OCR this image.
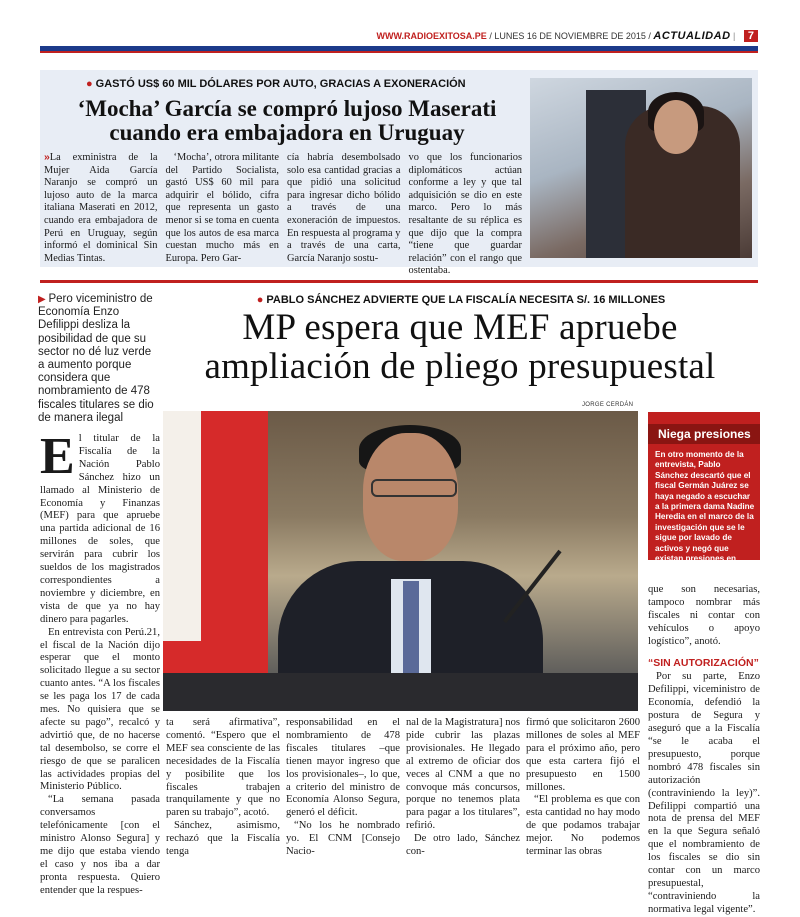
WWW.RADIOEXITOSA.PE / LUNES 16 DE NOVIEMBRE DE 2015 / ACTUALIDAD | 7
● GASTÓ US$ 60 MIL DÓLARES POR AUTO, GRACIAS A EXONERACIÓN
‘Mocha’ García se compró lujoso Maserati cuando era embajadora en Uruguay
»La exministra de la Mujer Aida García Naranjo se compró un lujoso auto de la marca italiana Maserati en 2012, cuando era embajadora de Perú en Uruguay, según informó el dominical Sin Medias Tintas.
‘Mocha’, otrora militante del Partido Socialista, gastó US$ 60 mil para adquirir el bólido, cifra que representa un gasto menor si se toma en cuenta que los autos de esa marca cuestan mucho más en Europa. Pero Gar-
cía habría desembolsado solo esa cantidad gracias a que pidió una solicitud para ingresar dicho bólido a través de una exoneración de impuestos. En respuesta al programa y a través de una carta, García Naranjo sostu-
vo que los funcionarios diplomáticos actúan conforme a ley y que tal adquisición se dio en este marco. Pero lo más resaltante de su réplica es que dijo que la compra “tiene que guardar relación” con el rango que ostentaba.
▶ Pero viceministro de Economía Enzo Defilippi desliza la posibilidad de que su sector no dé luz verde a aumento porque considera que nombramiento de 478 fiscales titulares se dio de manera ilegal
● PABLO SÁNCHEZ ADVIERTE QUE LA FISCALÍA NECESITA S/. 16 MILLONES
MP espera que MEF apruebe
ampliación de pliego presupuestal
JORGE CERDÁN

El titular de la Fiscalía de la Nación Pablo Sánchez hizo un llamado al Ministerio de Economía y Finanzas (MEF) para que apruebe una partida adicional de 16 millones de soles, que servirán para cubrir los sueldos de los magistrados correspondientes a noviembre y diciembre, en vista de que ya no hay dinero para pagarles.

En entrevista con Perú.21, el fiscal de la Nación dijo esperar que el monto solicitado llegue a su sector cuanto antes. “A los fiscales se les paga los 17 de cada mes. No quisiera que se afecte su pago”, recalcó y advirtió que, de no hacerse tal desembolso, se corre el riesgo de que se paralicen las actividades propias del Ministerio Público.

“La semana pasada conversamos telefónicamente [con el ministro Alonso Segura] y me dijo que estaba viendo el caso y nos iba a dar pronta respuesta. Quiero entender que la respues-

ta será afirmativa”, comentó. “Espero que el MEF sea consciente de las necesidades de la Fiscalía y posibilite que los fiscales trabajen tranquilamente y que no paren su trabajo”, acotó.

Sánchez, asimismo, rechazó que la Fiscalía tenga

responsabilidad en el nombramiento de 478 fiscales titulares –que tienen mayor ingreso que los provisionales–, lo que, a criterio del ministro de Economía Alonso Segura, generó el déficit.

“No los he nombrado yo. El CNM [Consejo Nacio-

nal de la Magistratura] nos pide cubrir las plazas provisionales. He llegado al extremo de oficiar dos veces al CNM a que no convoque más concursos, porque no tenemos plata para pagar a los titulares”, refirió.

De otro lado, Sánchez con-

firmó que solicitaron 2600 millones de soles al MEF para el próximo año, pero que esta cartera fijó el presupuesto en 1500 millones.

“El problema es que con esta cantidad no hay modo de que podamos trabajar mejor. No podemos terminar las obras

Niega presiones
En otro momento de la entrevista, Pablo Sánchez descartó que el fiscal Germán Juárez se haya negado a escuchar a la primera dama Nadine Heredia en el marco de la investigación que se le sigue por lavado de activos y negó que existan presiones en contra del magistrado.

que son necesarias, tampoco nombrar más fiscales ni contar con vehículos o apoyo logístico”, anotó.

“SIN AUTORIZACIÓN”

Por su parte, Enzo Defilippi, viceministro de Economía, defendió la postura de Segura y aseguró que a la Fiscalía “se le acaba el presupuesto, porque nombró 478 fiscales sin autorización (contraviniendo la ley)”. Defilippi compartió una nota de prensa del MEF en la que Segura señaló que el nombramiento de los fiscales se dio sin contar con un marco presupuestal, “contraviniendo la normativa legal vigente”.
